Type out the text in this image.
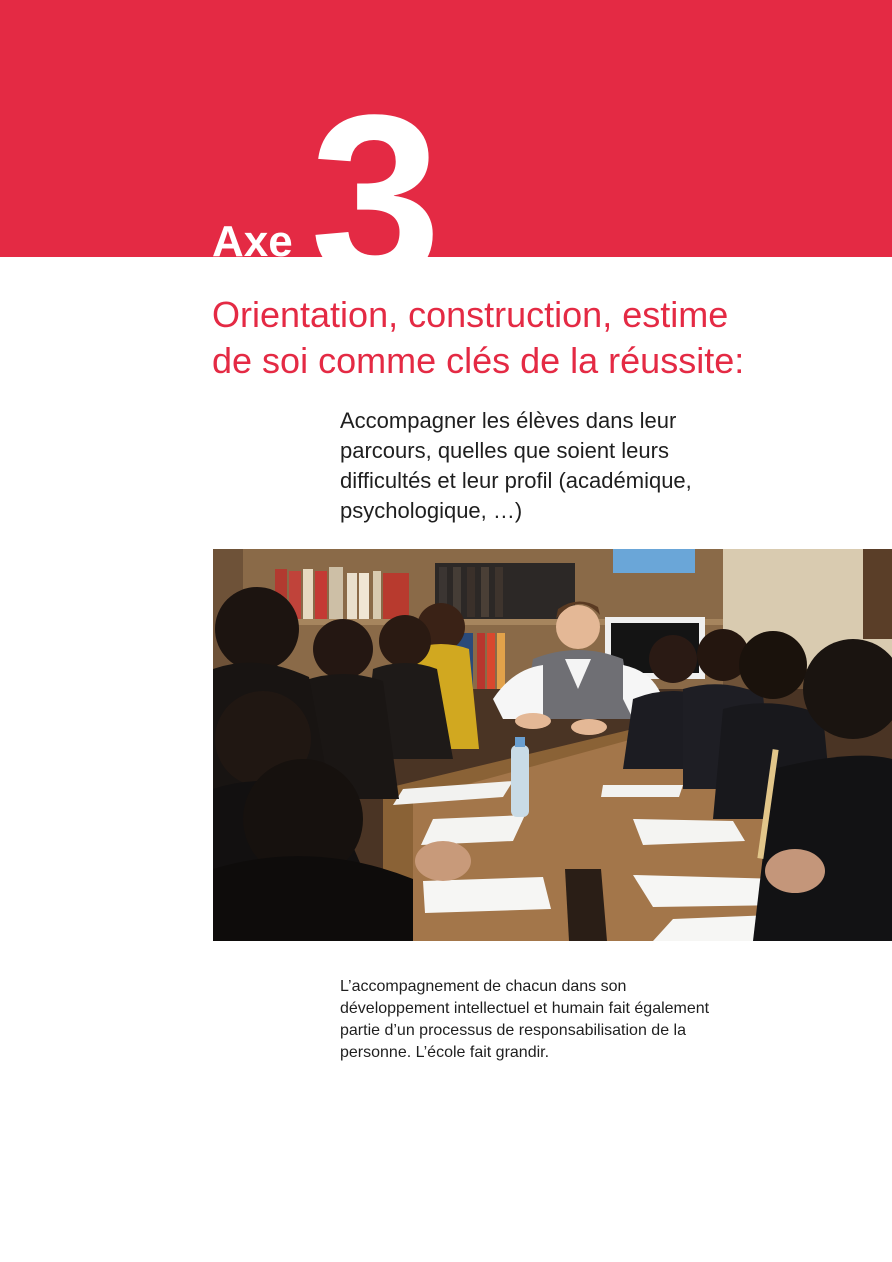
Axe 3
Orientation, construction, estime
de soi comme clés de la réussite:
Accompagner les élèves dans leur
parcours, quelles que soient leurs
difficultés et leur profil (académique,
psychologique, …)

L’accompagnement de chacun dans son
développement intellectuel et humain fait également
partie d’un processus de responsabilisation de la
personne. L’école fait grandir.
